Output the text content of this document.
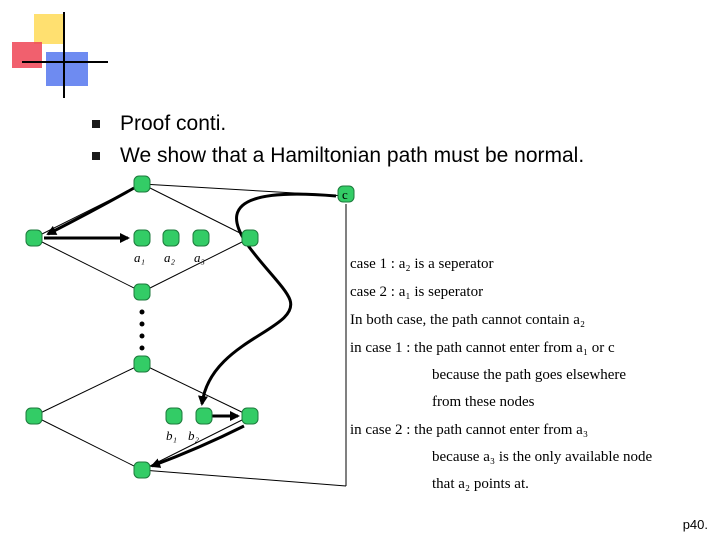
Proof conti.
We show that a Hamiltonian path must be normal.
a₁ a₂ a₃
b₁ b₂
c
case 1 : a₂ is a seperator
case 2 : a₁ is seperator
In both case, the path cannot contain a₂
in case 1 : the path cannot enter from a₁ or c
because the path goes elsewhere
from these nodes
in case 2 : the path cannot enter from a₃
because a₃ is the only available node
that a₂ points at.
p40.
